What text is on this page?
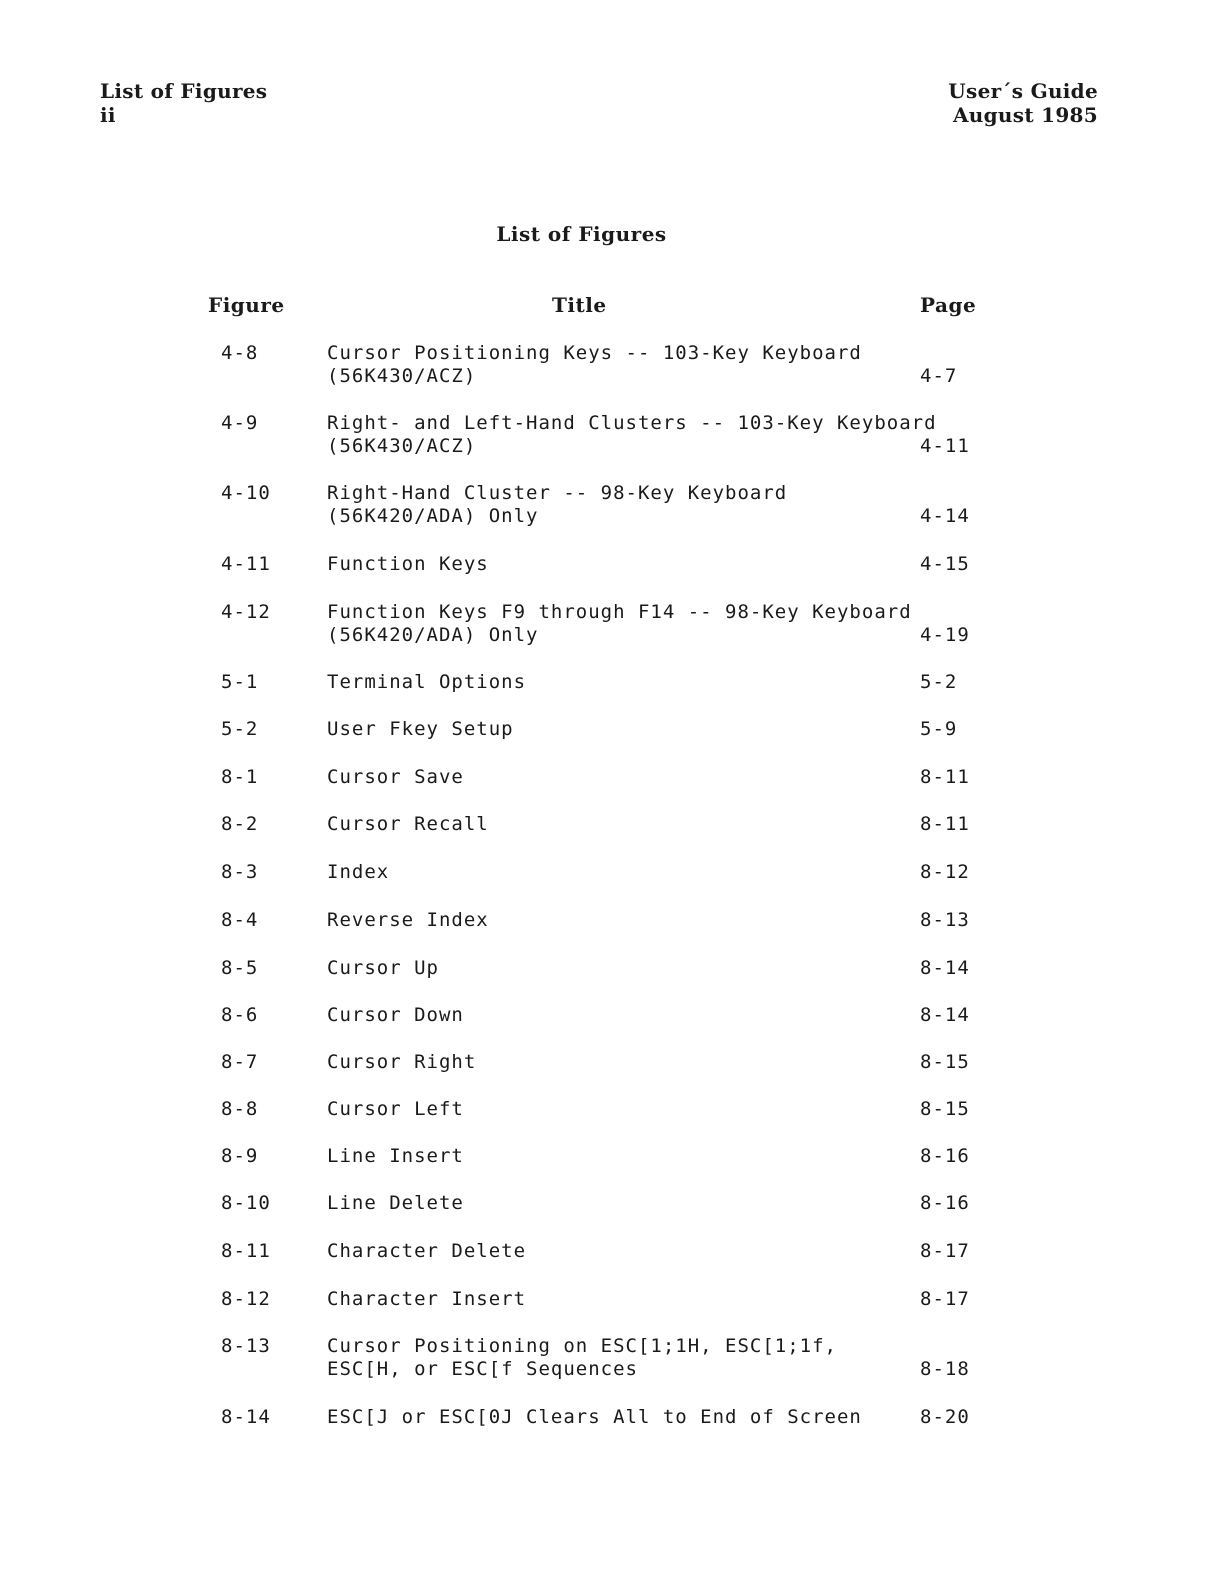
List of Figures
ii
User´s Guide
August 1985
List of Figures
Figure	Title	Page
4-8	Cursor Positioning Keys -- 103-Key Keyboard
(56K430/ACZ)	4-7
4-9	Right- and Left-Hand Clusters -- 103-Key Keyboard
(56K430/ACZ)	4-11
4-10	Right-Hand Cluster -- 98-Key Keyboard
(56K420/ADA) Only	4-14
4-11	Function Keys	4-15
4-12	Function Keys F9 through F14 -- 98-Key Keyboard
(56K420/ADA) Only	4-19
5-1	Terminal Options	5-2
5-2	User Fkey Setup	5-9
8-1	Cursor Save	8-11
8-2	Cursor Recall	8-11
8-3	Index	8-12
8-4	Reverse Index	8-13
8-5	Cursor Up	8-14
8-6	Cursor Down	8-14
8-7	Cursor Right	8-15
8-8	Cursor Left	8-15
8-9	Line Insert	8-16
8-10	Line Delete	8-16
8-11	Character Delete	8-17
8-12	Character Insert	8-17
8-13	Cursor Positioning on ESC[1;1H, ESC[1;1f,
ESC[H, or ESC[f Sequences	8-18
8-14	ESC[J or ESC[0J Clears All to End of Screen	8-20
